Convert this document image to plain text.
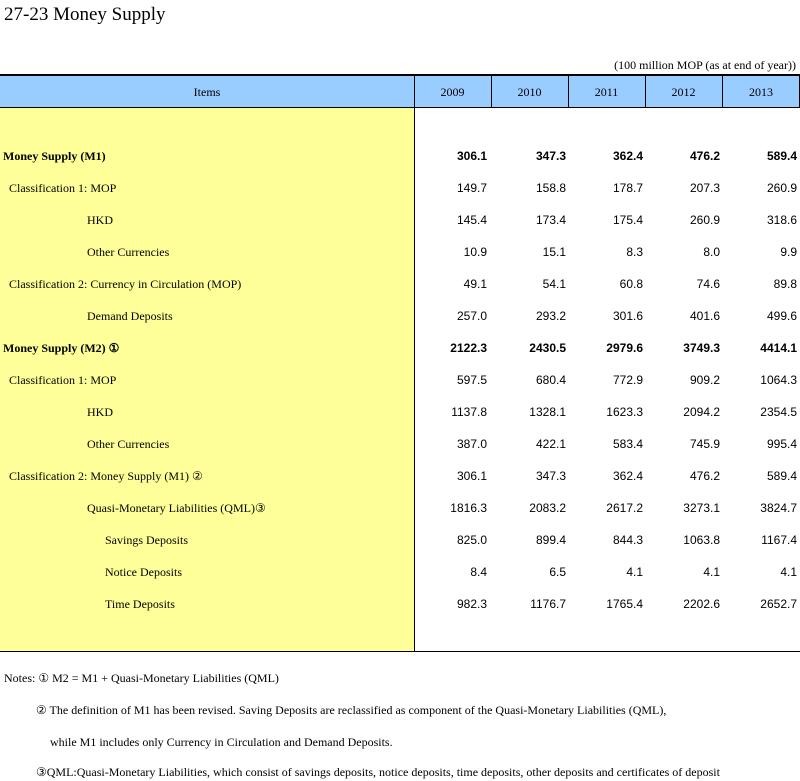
27-23 Money Supply
(100 million MOP (as at end of year))
Items	2009	2010	2011	2012	2013
Money Supply (M1)	306.1	347.3	362.4	476.2	589.4
Classification 1: MOP	149.7	158.8	178.7	207.3	260.9
HKD	145.4	173.4	175.4	260.9	318.6
Other Currencies	10.9	15.1	8.3	8.0	9.9
Classification 2: Currency in Circulation (MOP)	49.1	54.1	60.8	74.6	89.8
Demand Deposits	257.0	293.2	301.6	401.6	499.6
Money Supply (M2) ①	2122.3	2430.5	2979.6	3749.3	4414.1
Classification 1: MOP	597.5	680.4	772.9	909.2	1064.3
HKD	1137.8	1328.1	1623.3	2094.2	2354.5
Other Currencies	387.0	422.1	583.4	745.9	995.4
Classification 2: Money Supply (M1) ②	306.1	347.3	362.4	476.2	589.4
Quasi-Monetary Liabilities (QML)③	1816.3	2083.2	2617.2	3273.1	3824.7
Savings Deposits	825.0	899.4	844.3	1063.8	1167.4
Notice Deposits	8.4	6.5	4.1	4.1	4.1
Time Deposits	982.3	1176.7	1765.4	2202.6	2652.7
Notes: ① M2 = M1 + Quasi-Monetary Liabilities (QML)
② The definition of M1 has been revised. Saving Deposits are reclassified as component of the Quasi-Monetary Liabilities (QML),
while M1 includes only Currency in Circulation and Demand Deposits.
③QML:Quasi-Monetary Liabilities, which consist of savings deposits, notice deposits, time deposits, other deposits and certificates of deposit
